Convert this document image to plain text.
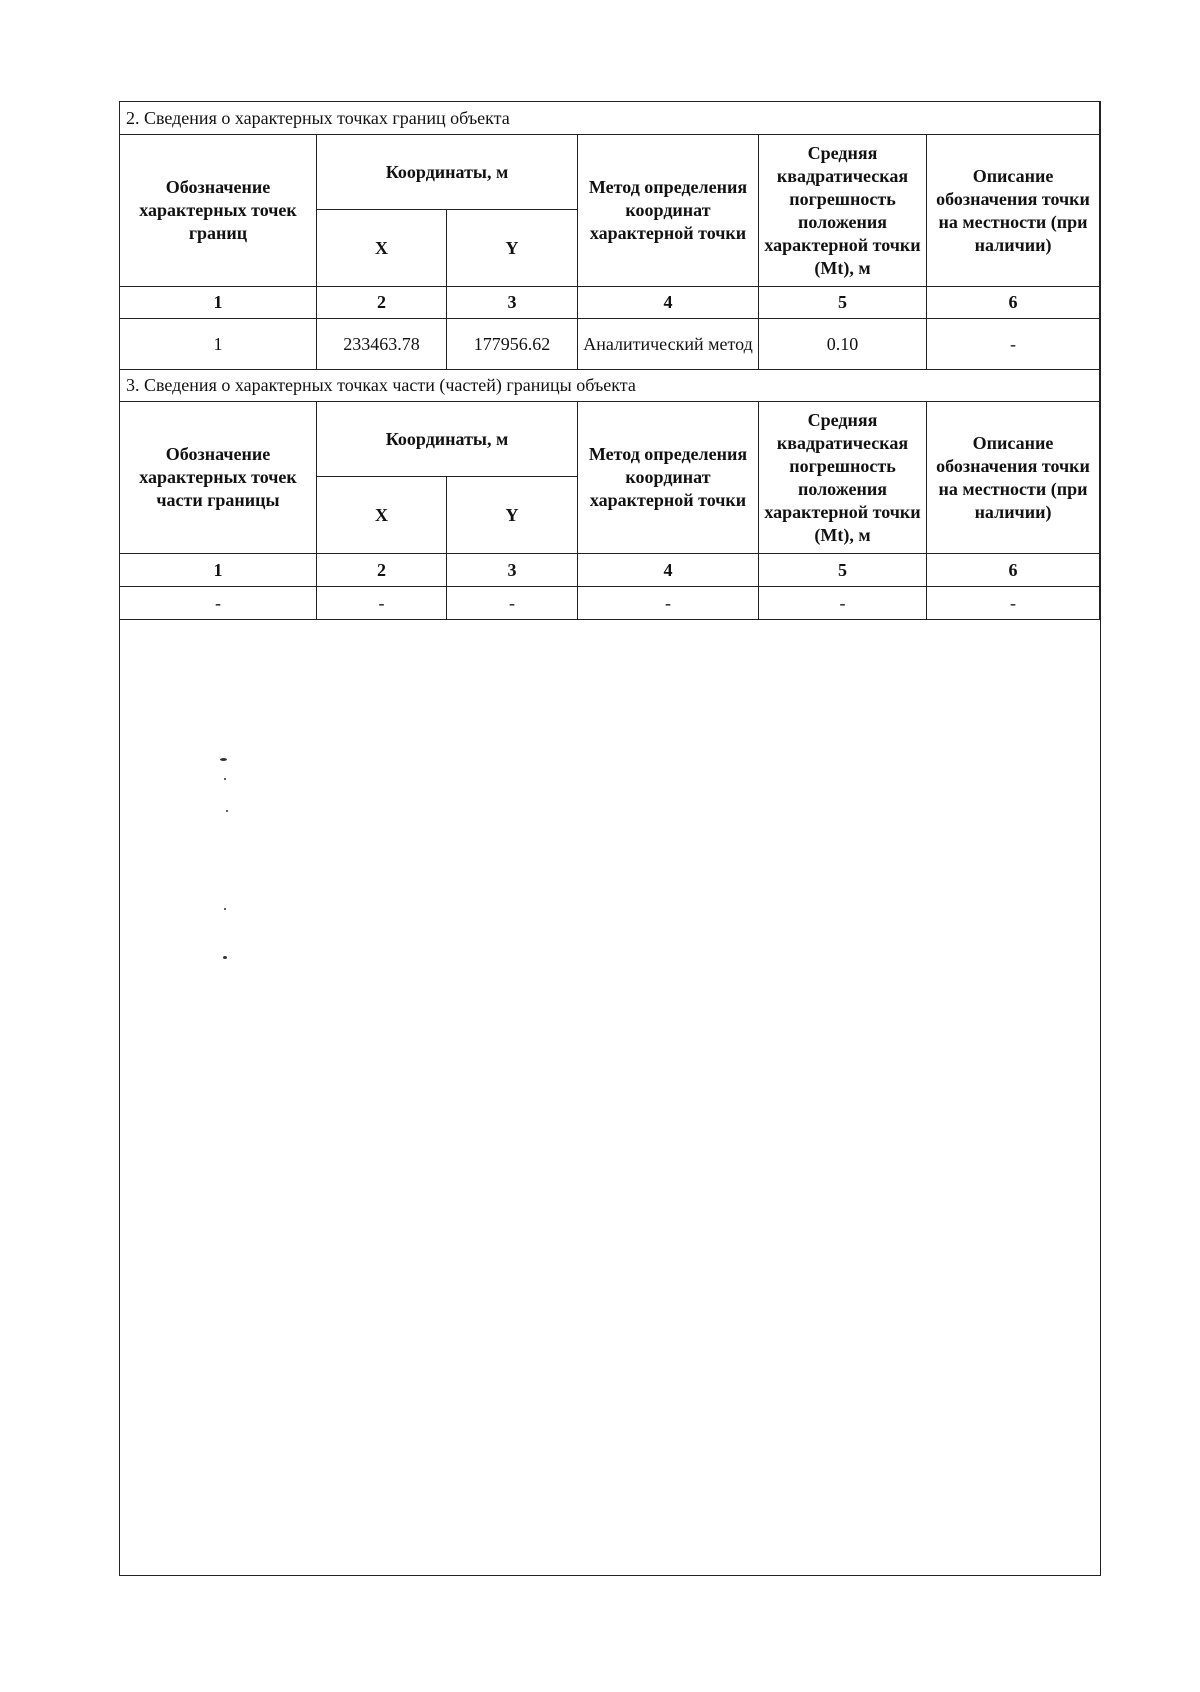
2. Сведения о характерных точках границ объекта					
Обозначение характерных точек границ	Координаты, м		Метод определения координат характерной точки	Средняя квадратическая погрешность положения характерной точки (Mt), м	Описание обозначения точки на местности (при наличии)
	X	Y			
1	2	3	4	5	6
1	233463.78	177956.62	Аналитический метод	0.10	-
3. Сведения о характерных точках части (частей) границы объекта					
Обозначение характерных точек части границы	Координаты, м		Метод определения координат характерной точки	Средняя квадратическая погрешность положения характерной точки (Mt), м	Описание обозначения точки на местности (при наличии)
	X	Y			
1	2	3	4	5	6
-	-	-	-	-	-
